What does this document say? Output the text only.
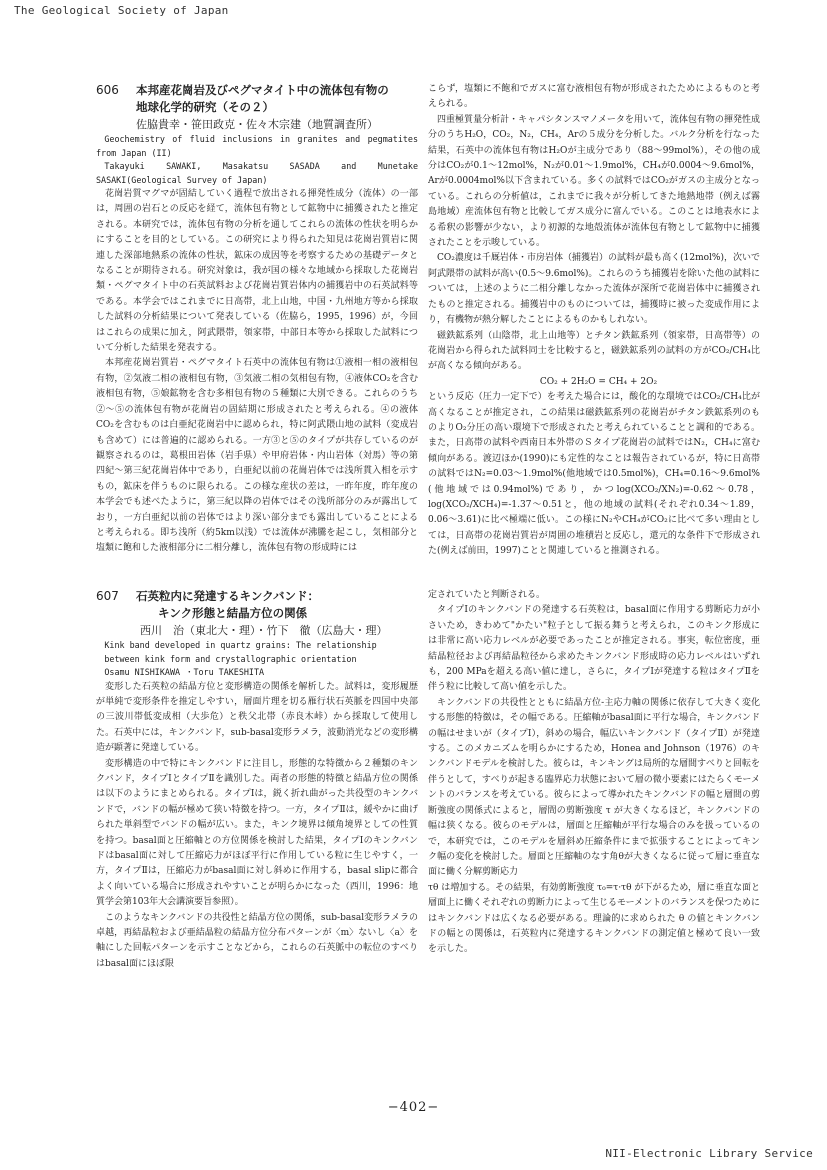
The Geological Society of Japan
606 本邦産花崗岩及びペグマタイト中の流体包有物の
地球化学的研究（その２）
佐脇貴幸・笹田政克・佐々木宗建（地質調査所）

Geochemistry of fluid inclusions in granites and pegmatites from Japan (II)

Takayuki SAWAKI, Masakatsu SASADA and Munetake SASAKI(Geological Survey of Japan)

花崗岩質マグマが固結していく過程で放出される揮発性成分（流体）の一部は，周囲の岩石との反応を経て，流体包有物として鉱物中に捕獲されたと推定される。本研究では，流体包有物の分析を通してこれらの流体の性状を明らかにすることを目的としている。この研究により得られた知見は花崗岩質岩に関連した深部地熱系の流体の性状，鉱床の成因等を考察するための基礎データとなることが期待される。研究対象は，我が国の様々な地域から採取した花崗岩類・ペグマタイト中の石英試料および花崗岩質岩体内の捕獲岩中の石英試料等である。本学会ではこれまでに日高帯，北上山地，中国・九州地方等から採取した試料の分析結果について発表している（佐脇ら，1995，1996）が，今回はこれらの成果に加え，阿武隈帯，領家帯，中部日本等から採取した試料について分析した結果を発表する。

本邦産花崗岩質岩・ペグマタイト石英中の流体包有物は①液相一相の液相包有物，②気液二相の液相包有物，③気液二相の気相包有物，④液体CO₂を含む液相包有物，⑤娘鉱物を含む多相包有物の５種類に大別できる。これらのうち②〜⑤の流体包有物が花崗岩の固結期に形成されたと考えられる。④の液体CO₂を含むものは白亜紀花崗岩中に認められ，特に阿武隈山地の試料（変成岩も含めて）には普遍的に認められる。一方③と⑤のタイプが共存しているのが観察されるのは，葛根田岩体（岩手県）や甲府岩体・内山岩体（対馬）等の第四紀〜第三紀花崗岩体中であり，白亜紀以前の花崗岩体では浅所貫入相を示すもの，鉱床を伴うものに限られる。この様な産状の差は，一昨年度，昨年度の本学会でも述べたように，第三紀以降の岩体ではその浅所部分のみが露出しており，一方白亜紀以前の岩体ではより深い部分までも露出していることによると考えられる。即ち浅所（約5km以浅）では流体が沸騰を起こし，気相部分と塩類に飽和した液相部分に二相分離し，流体包有物の形成時には

こらず，塩類に不飽和でガスに富む液相包有物が形成されたためによるものと考えられる。

四重極質量分析計・キャパシタンスマノメータを用いて，流体包有物の揮発性成分のうちH₂O，CO₂，N₂，CH₄，Arの５成分を分析した。バルク分析を行なった結果，石英中の流体包有物はH₂Oが主成分であり（88〜99mol%），その他の成分はCO₂が0.1〜12mol%，N₂が0.01〜1.9mol%，CH₄が0.0004〜9.6mol%，Arが0.0004mol%以下含まれている。多くの試料ではCO₂がガスの主成分となっている。これらの分析値は，これまでに我々が分析してきた地熱地帯（例えば霧島地域）産流体包有物と比較してガス成分に富んでいる。このことは地表水による希釈の影響が少ない，より初源的な地殻流体が流体包有物として鉱物中に捕獲されたことを示唆している。

CO₂濃度は千厩岩体・市房岩体（捕獲岩）の試料が最も高く(12mol%)，次いで阿武隈帯の試料が高い(0.5〜9.6mol%)。これらのうち捕獲岩を除いた他の試料については，上述のように二相分離しなかった流体が深所で花崗岩体中に捕獲されたものと推定される。捕獲岩中のものについては，捕獲時に被った変成作用により，有機物が熱分解したことによるものかもしれない。

磁鉄鉱系列（山陰帯，北上山地等）とチタン鉄鉱系列（領家帯，日高帯等）の花崗岩から得られた試料同士を比較すると，磁鉄鉱系列の試料の方がCO₂/CH₄比が高くなる傾向がある。

CO₂ + 2H₂O = CH₄ + 2O₂

という反応（圧力一定下で）を考えた場合には，酸化的な環境ではCO₂/CH₄比が高くなることが推定され，この結果は磁鉄鉱系列の花崗岩がチタン鉄鉱系列のものよりO₂分圧の高い環境下で形成されたと考えられていることと調和的である。また，日高帯の試料や西南日本外帯のＳタイプ花崗岩の試料ではN₂，CH₄に富む傾向がある。渡辺ほか(1990)にも定性的なことは報告されているが，特に日高帯の試料ではN₂=0.03〜1.9mol%(他地域では0.5mol%)，CH₄=0.16〜9.6mol%(他地域では0.94mol%)であり，かつlog(XCO₂/XN₂)=-0.62〜0.78，log(XCO₂/XCH₄)=-1.37〜0.51と，他の地域の試料(それぞれ0.34〜1.89，0.06〜3.61)に比べ極端に低い。この様にN₂やCH₄がCO₂に比べて多い理由としては，日高帯の花崗岩質岩が周囲の堆積岩と反応し，還元的な条件下で形成された(例えば前田，1997)ことと関連していると推測される。

607 石英粒内に発達するキンクバンド：
キンク形態と結晶方位の関係
西川　治（東北大・理）・竹下　徹（広島大・理）

Kink band developed in quartz grains: The relationship

between kink form and crystallographic orientation

Osamu NISHIKAWA ・Toru TAKESHITA

変形した石英粒の結晶方位と変形構造の関係を解析した。試料は，変形履歴が単純で変形条件を推定しやすい，層面片理を切る雁行状石英脈を四国中央部の三波川帯低変成相（大歩危）と秩父北帯（赤良木峠）から採取して使用した。石英中には，キンクバンド，sub-basal変形ラメラ，波動消光などの変形構造が顕著に発達している。

変形構造の中で特にキンクバンドに注目し，形態的な特徴から２種類のキンクバンド，タイプⅠとタイプⅡを識別した。両者の形態的特徴と結晶方位の関係は以下のようにまとめられる。タイプⅠは，鋭く折れ曲がった共役型のキンクバンドで，バンドの幅が極めて狭い特徴を持つ。一方，タイプⅡは，緩やかに曲げられた単斜型でバンドの幅が広い。また，キンク境界は傾角境界としての性質を持つ。basal面と圧縮軸との方位関係を検討した結果，タイプⅠのキンクバンドはbasal面に対して圧縮応力がほぼ平行に作用している粒に生じやすく，一方，タイプⅡは，圧縮応力がbasal面に対し斜めに作用する，basal slipに都合よく向いている場合に形成されやすいことが明らかになった（西川，1996：地質学会第103年大会講演要旨参照）。

このようなキンクバンドの共役性と結晶方位の関係，sub-basal変形ラメラの卓越，再結晶粒および亜結晶粒の結晶方位分布パターンが〈m〉ないし〈a〉を軸にした回転パターンを示すことなどから，これらの石英脈中の転位のすべりはbasal面にほぼ限

定されていたと判断される。

タイプⅠのキンクバンドの発達する石英粒は，basal面に作用する剪断応力が小さいため，きわめて"かたい"粒子として振る舞うと考えられ，このキンク形成には非常に高い応力レベルが必要であったことが推定される。事実，転位密度，亜結晶粒径および再結晶粒径から求めたキンクバンド形成時の応力レベルはいずれも，200 MPaを超える高い値に達し，さらに，タイプⅠが発達する粒はタイプⅡを伴う粒に比較して高い値を示した。

キンクバンドの共役性とともに結晶方位-主応力軸の関係に依存して大きく変化する形態的特徴は，その幅である。圧縮軸がbasal面に平行な場合，キンクバンドの幅はせまいが（タイプⅠ），斜めの場合，幅広いキンクバンド（タイプⅡ）が発達する。このメカニズムを明らかにするため，Honea and Johnson（1976）のキンクバンドモデルを検討した。彼らは，キンキングは局所的な層間すべりと回転を伴うとして，すべりが起きる臨界応力状態において層の微小要素にはたらくモーメントのバランスを考えている。彼らによって導かれたキンクバンドの幅と層間の剪断強度の関係式によると，層間の剪断強度 τ が大きくなるほど，キンクバンドの幅は狭くなる。彼らのモデルは，層面と圧縮軸が平行な場合のみを扱っているので，本研究では，このモデルを層斜め圧縮条件にまで拡張することによってキンク幅の変化を検討した。層面と圧縮軸のなす角θが大きくなるに従って層に垂直な面に働く分解剪断応力

τθ は増加する。その結果，有効剪断強度 τ₀=τ·τθ が下がるため，層に垂直な面と層面上に働くそれぞれの剪断力によって生じるモーメントのバランスを保つためにはキンクバンドは広くなる必要がある。理論的に求められた θ の値とキンクバンドの幅との関係は，石英粒内に発達するキンクバンドの測定値と極めて良い一致を示した。

−402−
NII-Electronic Library Service
